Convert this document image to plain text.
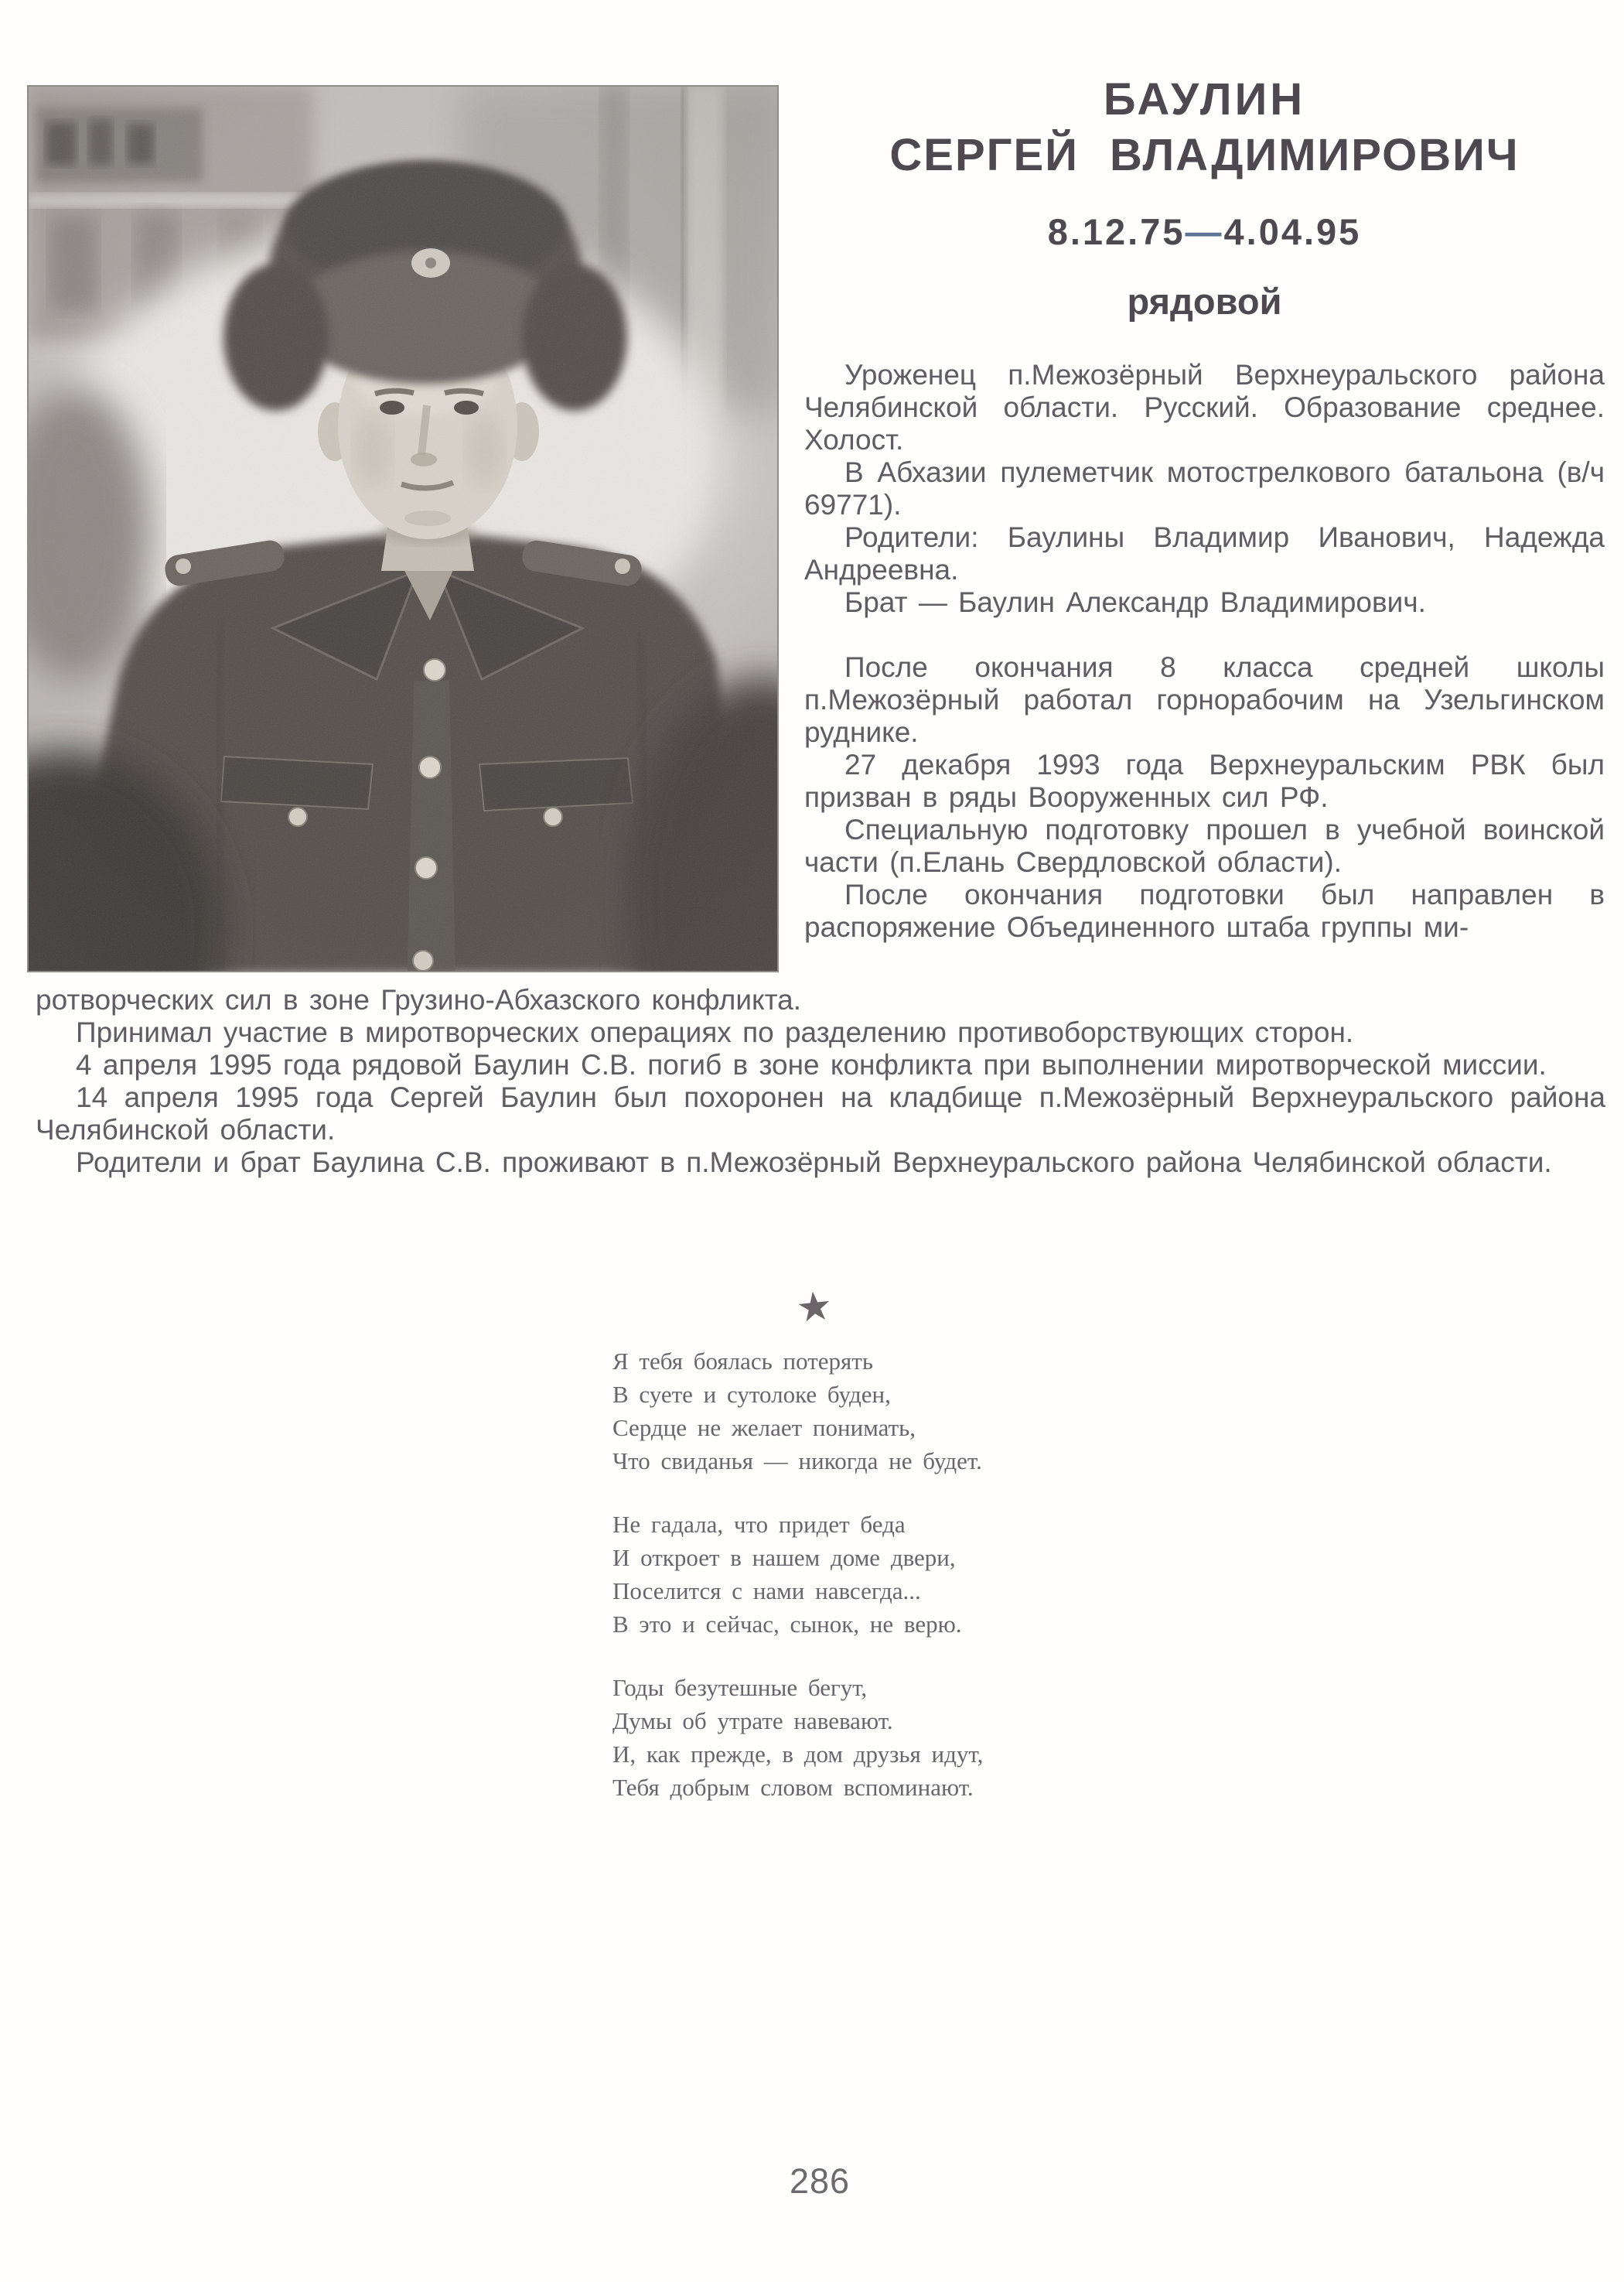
БАУЛИН
СЕРГЕЙ ВЛАДИМИРОВИЧ
8.12.75—4.04.95
рядовой

Уроженец п.Межозёрный Верхнеуральского района Челябинской области. Русский. Образование среднее. Холост.

В Абхазии пулеметчик мотострелкового батальона (в/ч 69771).

Родители: Баулины Владимир Иванович, Надежда Андреевна.

Брат — Баулин Александр Владимирович.

После окончания 8 класса средней школы п.Межозёрный работал горнорабочим на Узельгинском руднике.

27 декабря 1993 года Верхнеуральским РВК был призван в ряды Вооруженных сил РФ.

Специальную подготовку прошел в учебной воинской части (п.Елань Свердловской области).

После окончания подготовки был направлен в распоряжение Объединенного штаба группы ми-

ротворческих сил в зоне Грузино-Абхазского конфликта.

Принимал участие в миротворческих операциях по разделению противоборствующих сторон.

4 апреля 1995 года рядовой Баулин С.В. погиб в зоне конфликта при выполнении миротворческой миссии.

14 апреля 1995 года Сергей Баулин был похоронен на кладбище п.Межозёрный Верхнеуральского района Челябинской области.

Родители и брат Баулина С.В. проживают в п.Межозёрный Верхнеуральского района Челябинской области.

★

Я тебя боялась потерять

В суете и сутолоке буден,

Сердце не желает понимать,

Что свиданья — никогда не будет.

Не гадала, что придет беда

И откроет в нашем доме двери,

Поселится с нами навсегда...

В это и сейчас, сынок, не верю.

Годы безутешные бегут,

Думы об утрате навевают.

И, как прежде, в дом друзья идут,

Тебя добрым словом вспоминают.

286
